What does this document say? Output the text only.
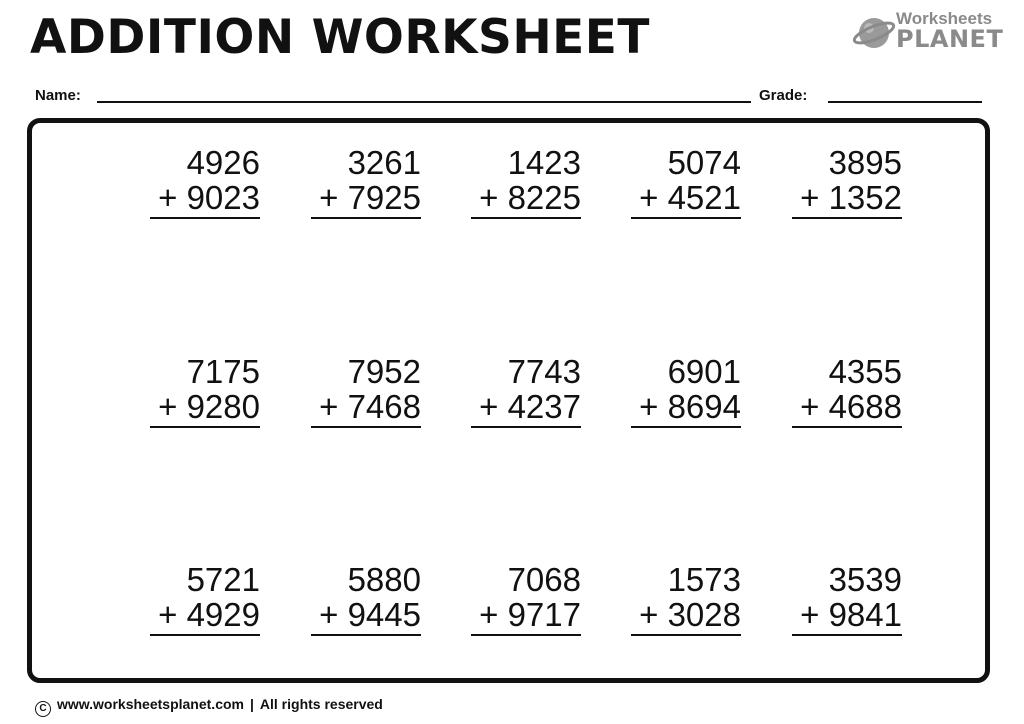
ADDITION WORKSHEET	Worksheets
PLANET
Name:	Grade:
4926
+ 9023
3261
+ 7925
1423
+ 8225
5074
+ 4521
3895
+ 1352
7175
+ 9280
7952
+ 7468
7743
+ 4237
6901
+ 8694
4355
+ 4688
5721
+ 4929
5880
+ 9445
7068
+ 9717
1573
+ 3028
3539
+ 9841
C www.worksheetsplanet.com | All rights reserved
